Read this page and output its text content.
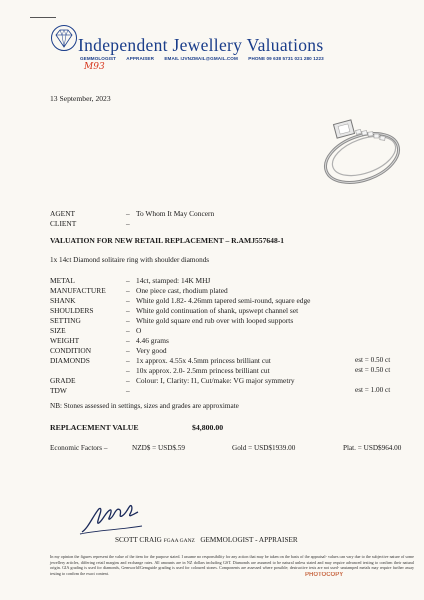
Independent Jewellery Valuations
GEMMOLOGIST APPRAISER EMAIL IJVNZMAIL@GMAIL.COM PHONE 09 638 5731 021 280 1223
M93
13 September, 2023
AGENT	– To Whom It May Concern
CLIENT	–
VALUATION FOR NEW RETAIL REPLACEMENT – R.AMJ557648-1
1x 14ct Diamond solitaire ring with shoulder diamonds
METAL	– 14ct, stamped: 14K MHJ
MANUFACTURE	– One piece cast, rhodium plated
SHANK	– White gold 1.82- 4.26mm tapered semi-round, square edge
SHOULDERS	– White gold continuation of shank, upswept channel set
SETTING	– White gold square end rub over with looped supports
SIZE	– O
WEIGHT	– 4.46 grams
CONDITION	– Very good
DIAMONDS	– 1x approx. 4.55x 4.5mm princess brilliant cut	est = 0.50 ct
– 10x approx. 2.0- 2.5mm princess brilliant cut	est = 0.50 ct
GRADE	– Colour: I, Clarity: I1, Cut/make: VG major symmetry
TDW	–	est = 1.00 ct
NB: Stones assessed in settings, sizes and grades are approximate
REPLACEMENT VALUE	$4,800.00
Economic Factors –	NZD$ = USD$.59	Gold = USD$1939.00	Plat. = USD$964.00
SCOTT CRAIG FGAA GANZ GEMMOLOGIST - APPRAISER
In my opinion the figures represent the value of the item for the purpose stated. I assume no responsibility for any action that may be taken on the basis of the appraisal- values can vary due to the subjective nature of some jewellery articles, differing retail margins and exchange rates. All amounts are in NZ dollars including GST. Diamonds are assumed to be natural unless stated and may require advanced testing to confirm their natural origin. GIA grading is used for diamonds, Gemworld/Gemguide grading is used for coloured stones. Components are assessed where possible; destructive tests are not used- unstamped metals may require further assay testing to confirm the exact content.	PHOTOCOPY
